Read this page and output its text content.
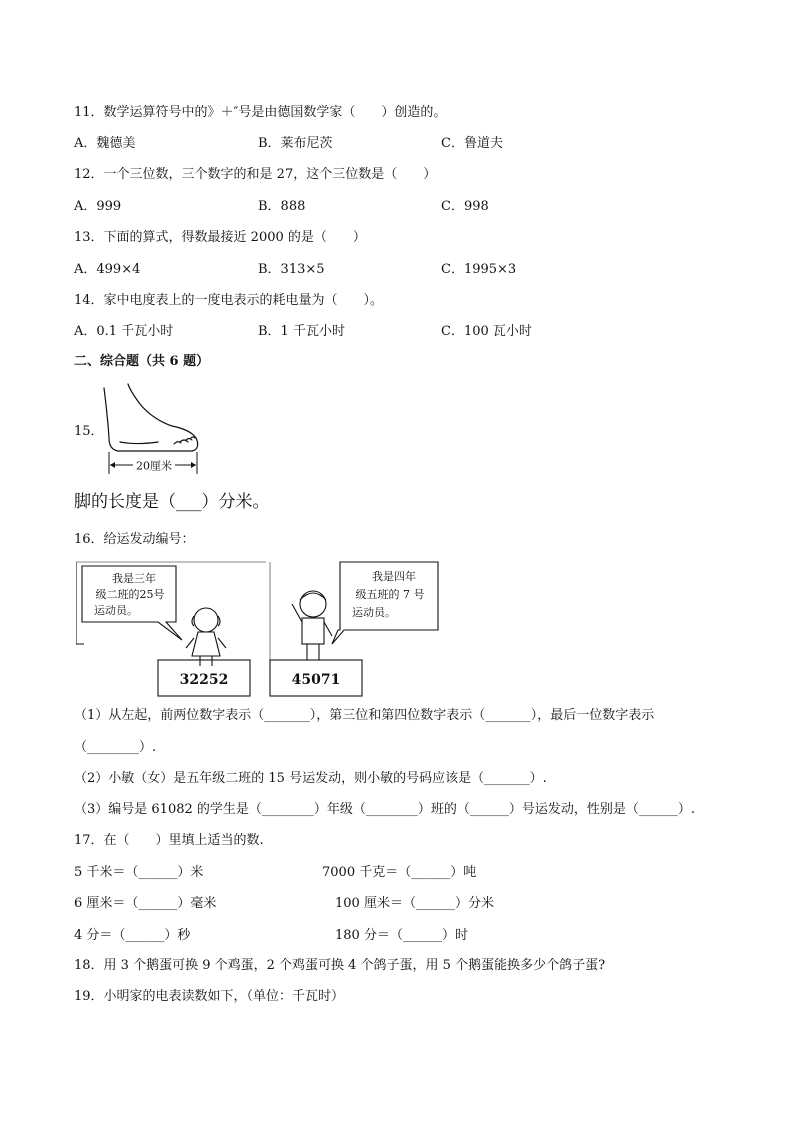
11．数学运算符号中的》＋″号是由德国数学家（　　）创造的。
A．魏德美	B．莱布尼茨	C．鲁道夫
12．一个三位数，三个数字的和是 27，这个三位数是（　　）
A．999	B．888	C．998
13．下面的算式，得数最接近 2000 的是（　　）
A．499×4	B．313×5	C．1995×3
14．家中电度表上的一度电表示的耗电量为（　　）。
A．0.1 千瓦小时	B．1 千瓦小时	C．100 瓦小时
二、综合题（共 6 题）
15．
20厘米
脚的长度是（___）分米。
16．给运发动编号：
我是三年
级二班的25号
运动员。
我是四年
级五班的 7 号
运动员。
32252	45071
（1）从左起，前两位数字表示（_______），第三位和第四位数字表示（_______），最后一位数字表示
（________）.
（2）小敏（女）是五年级二班的 15 号运发动，则小敏的号码应该是（_______）.
（3）编号是 61082 的学生是（________）年级（________）班的（______）号运发动，性别是（______）.
17．在（　　）里填上适当的数.
5 千米＝（______）米	7000 千克＝（______）吨
6 厘米＝（______）毫米	100 厘米＝（______）分米
4 分＝（______）秒	180 分＝（______）时
18．用 3 个鹅蛋可换 9 个鸡蛋，2 个鸡蛋可换 4 个鸽子蛋，用 5 个鹅蛋能换多少个鸽子蛋?
19．小明家的电表读数如下，（单位：千瓦时）
